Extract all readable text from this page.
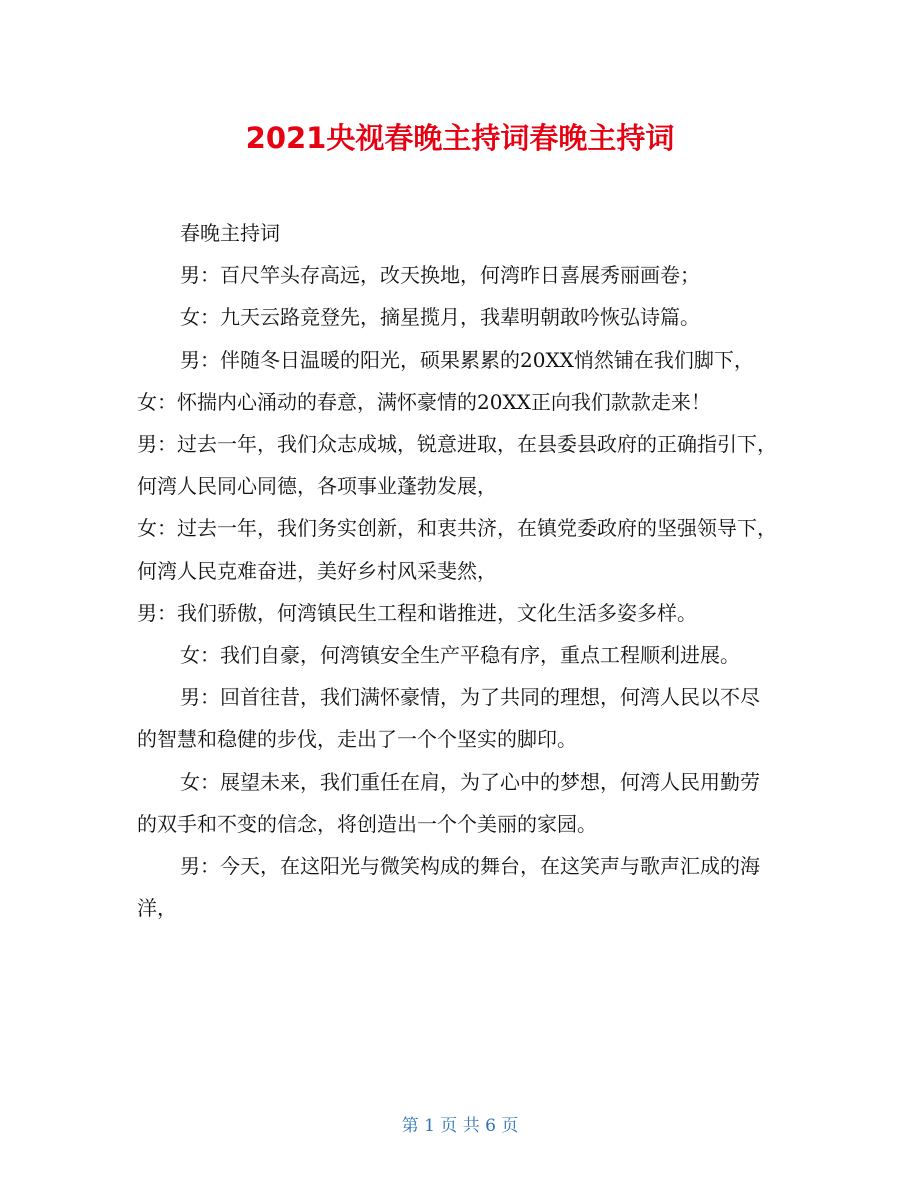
2021央视春晚主持词春晚主持词

春晚主持词

男：百尺竿头存高远，改天换地，何湾昨日喜展秀丽画卷；

女：九天云路竞登先，摘星揽月，我辈明朝敢吟恢弘诗篇。

男：伴随冬日温暖的阳光，硕果累累的20XX悄然铺在我们脚下，

女：怀揣内心涌动的春意，满怀豪情的20XX正向我们款款走来！

男：过去一年，我们众志成城，锐意进取，在县委县政府的正确指引下，何湾人民同心同德，各项事业蓬勃发展，

女：过去一年，我们务实创新，和衷共济，在镇党委政府的坚强领导下，何湾人民克难奋进，美好乡村风采斐然，

男：我们骄傲，何湾镇民生工程和谐推进，文化生活多姿多样。

女：我们自豪，何湾镇安全生产平稳有序，重点工程顺利进展。

男：回首往昔，我们满怀豪情，为了共同的理想，何湾人民以不尽的智慧和稳健的步伐，走出了一个个坚实的脚印。

女：展望未来，我们重任在肩，为了心中的梦想，何湾人民用勤劳的双手和不变的信念，将创造出一个个美丽的家园。

男：今天，在这阳光与微笑构成的舞台，在这笑声与歌声汇成的海洋，

第 1 页 共 6 页
